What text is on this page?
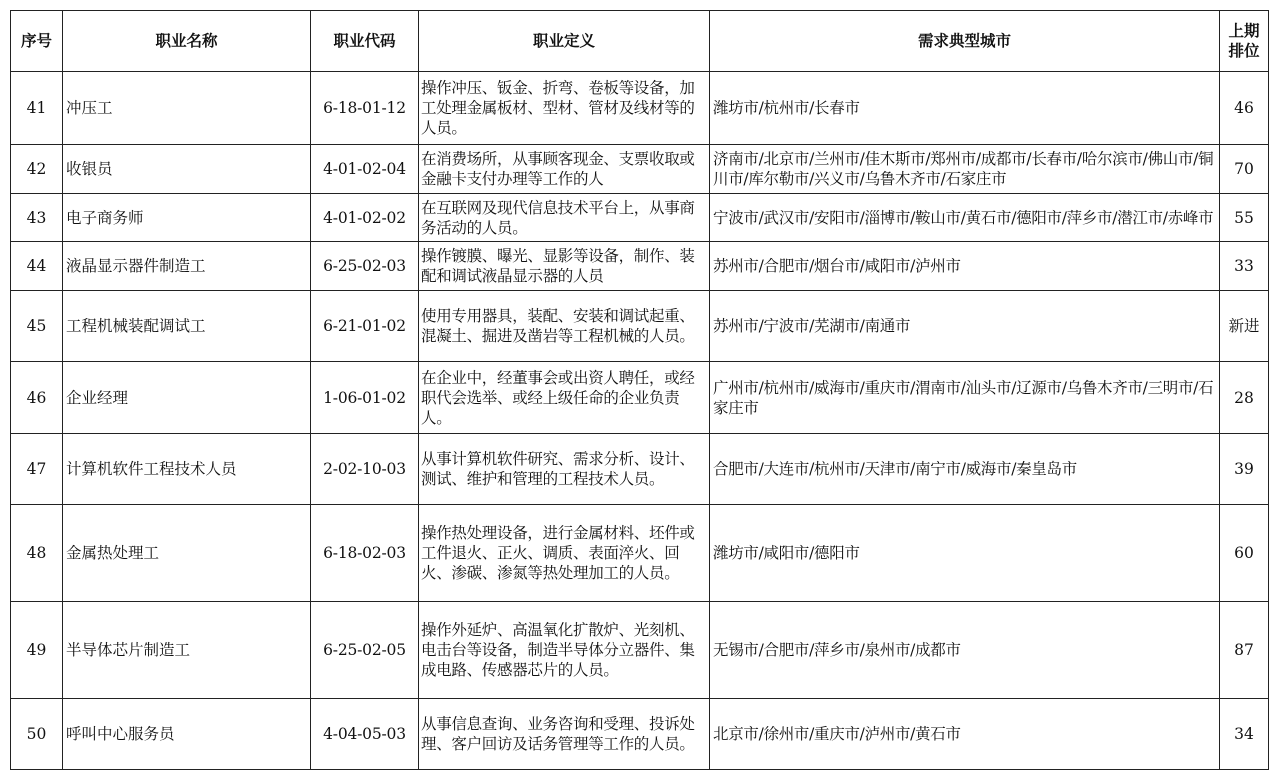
序号	职业名称	职业代码	职业定义	需求典型城市	上期排位
41	冲压工	6-18-01-12	操作冲压、钣金、折弯、卷板等设备，加工处理金属板材、型材、管材及线材等的人员。	潍坊市/杭州市/长春市	46
42	收银员	4-01-02-04	在消费场所，从事顾客现金、支票收取或金融卡支付办理等工作的人	济南市/北京市/兰州市/佳木斯市/郑州市/成都市/长春市/哈尔滨市/佛山市/铜川市/库尔勒市/兴义市/乌鲁木齐市/石家庄市	70
43	电子商务师	4-01-02-02	在互联网及现代信息技术平台上，从事商务活动的人员。	宁波市/武汉市/安阳市/淄博市/鞍山市/黄石市/德阳市/萍乡市/潜江市/赤峰市	55
44	液晶显示器件制造工	6-25-02-03	操作镀膜、曝光、显影等设备，制作、装配和调试液晶显示器的人员	苏州市/合肥市/烟台市/咸阳市/泸州市	33
45	工程机械装配调试工	6-21-01-02	使用专用器具，装配、安装和调试起重、混凝土、掘进及凿岩等工程机械的人员。	苏州市/宁波市/芜湖市/南通市	新进
46	企业经理	1-06-01-02	在企业中，经董事会或出资人聘任，或经职代会选举、或经上级任命的企业负责人。	广州市/杭州市/威海市/重庆市/渭南市/汕头市/辽源市/乌鲁木齐市/三明市/石家庄市	28
47	计算机软件工程技术人员	2-02-10-03	从事计算机软件研究、需求分析、设计、测试、维护和管理的工程技术人员。	合肥市/大连市/杭州市/天津市/南宁市/威海市/秦皇岛市	39
48	金属热处理工	6-18-02-03	操作热处理设备，进行金属材料、坯件或工件退火、正火、调质、表面淬火、回火、渗碳、渗氮等热处理加工的人员。	潍坊市/咸阳市/德阳市	60
49	半导体芯片制造工	6-25-02-05	操作外延炉、高温氧化扩散炉、光刻机、电击台等设备，制造半导体分立器件、集成电路、传感器芯片的人员。	无锡市/合肥市/萍乡市/泉州市/成都市	87
50	呼叫中心服务员	4-04-05-03	从事信息查询、业务咨询和受理、投诉处理、客户回访及话务管理等工作的人员。	北京市/徐州市/重庆市/泸州市/黄石市	34
